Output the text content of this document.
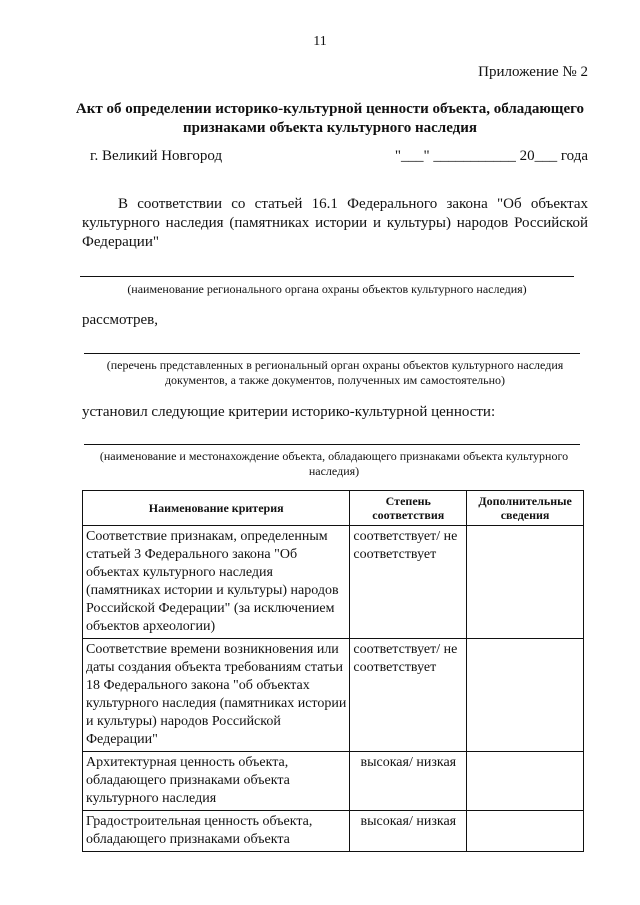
11
Приложение № 2
Акт об определении историко-культурной ценности объекта, обладающего признаками объекта культурного наследия
г. Великий Новгород	"___" ___________ 20___ года
В соответствии со статьей 16.1 Федерального закона "Об объектах культурного наследия (памятниках истории и культуры) народов Российской Федерации"
(наименование регионального органа охраны объектов культурного наследия)
рассмотрев,
(перечень представленных в региональный орган охраны объектов культурного наследия документов, а также документов, полученных им самостоятельно)
установил следующие критерии историко-культурной ценности:
(наименование и местонахождение объекта, обладающего признаками объекта культурного наследия)
Наименование критерия	Степень соответствия	Дополнительные сведения
Соответствие признакам, определенным статьей 3 Федерального закона "Об объектах культурного наследия (памятниках истории и культуры) народов Российской Федерации" (за исключением объектов археологии)	соответствует/ не соответствует	
Соответствие времени возникновения или даты создания объекта требованиям статьи 18 Федерального закона "об объектах культурного наследия (памятниках истории и культуры) народов Российской Федерации"	соответствует/ не соответствует	
Архитектурная ценность объекта, обладающего признаками объекта культурного наследия	высокая/ низкая	
Градостроительная ценность объекта, обладающего признаками объекта	высокая/ низкая	
